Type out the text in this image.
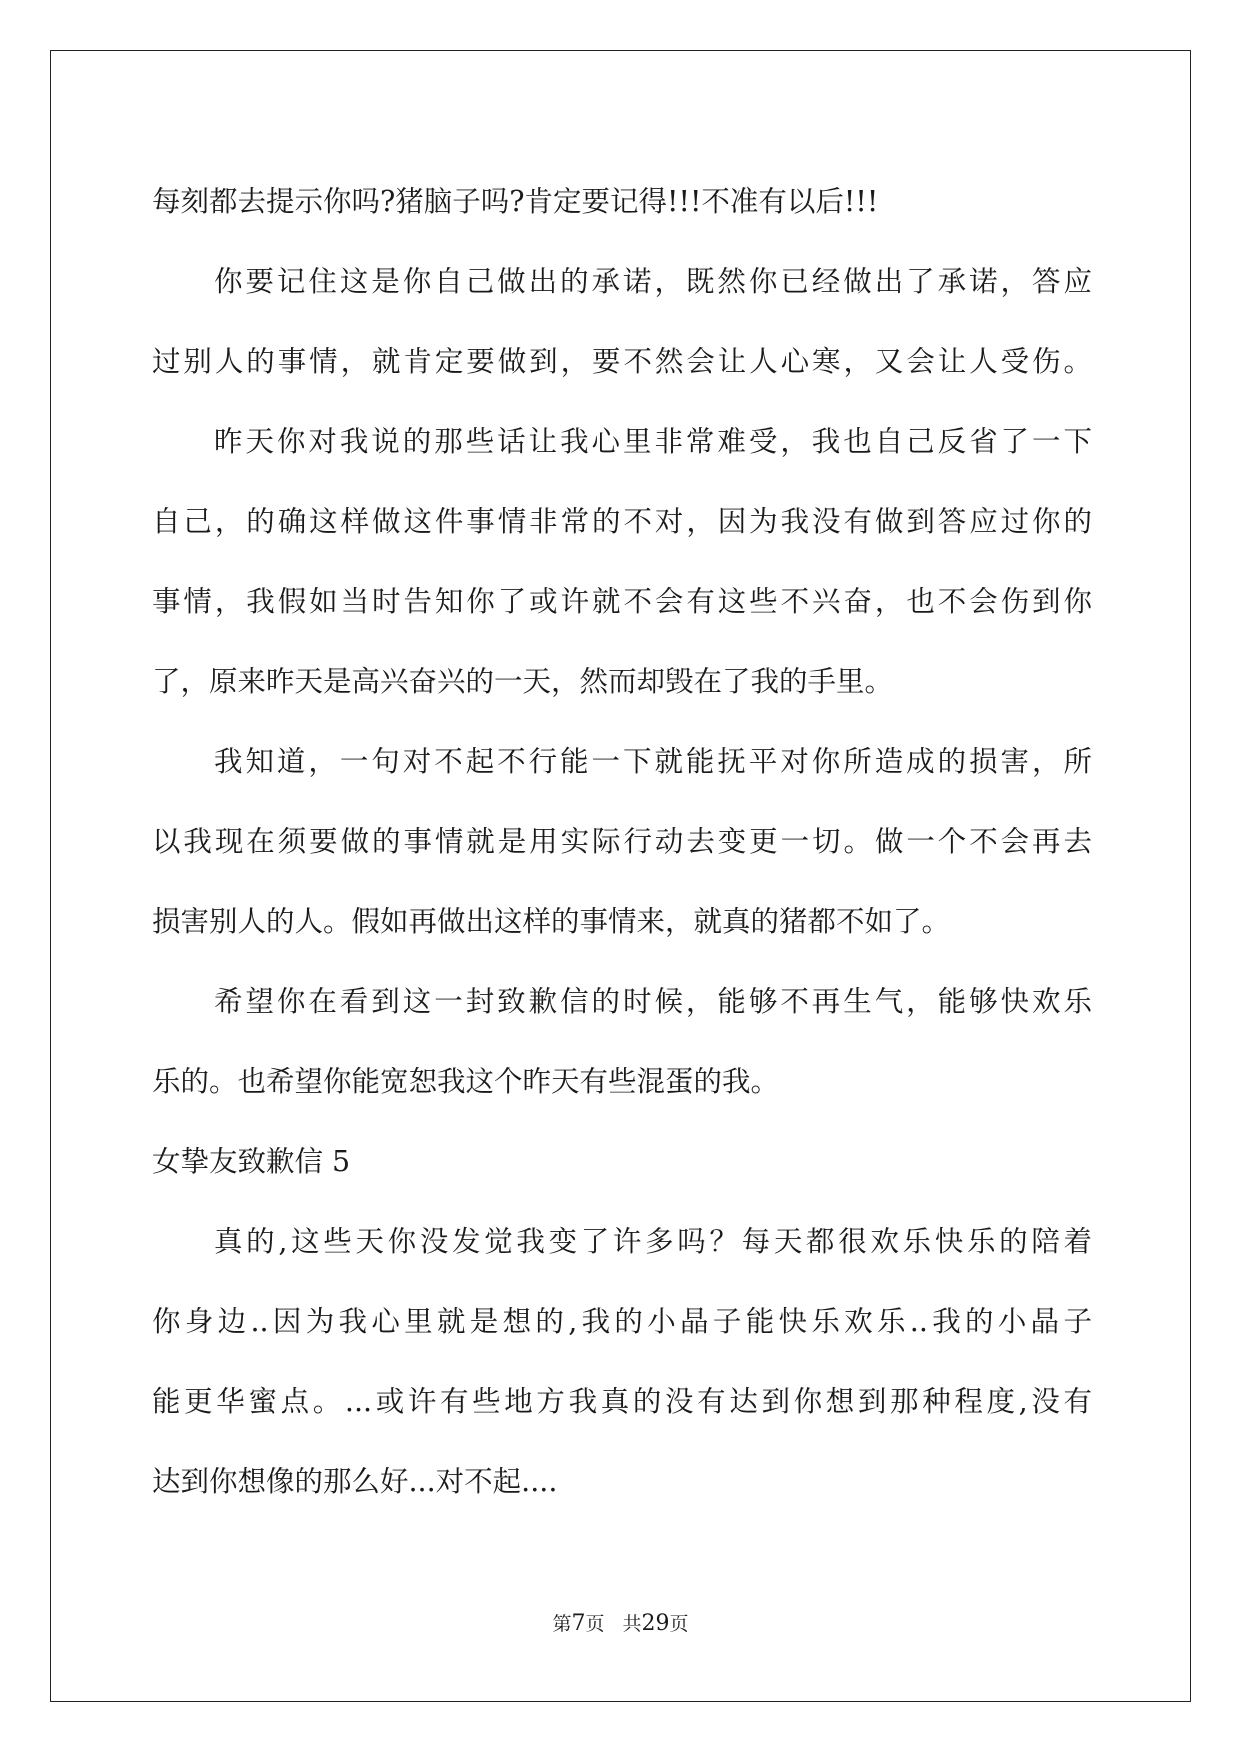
每刻都去提示你吗?猪脑子吗?肯定要记得!!!不准有以后!!!
你要记住这是你自己做出的承诺，既然你已经做出了承诺，答应
过别人的事情，就肯定要做到，要不然会让人心寒，又会让人受伤。
昨天你对我说的那些话让我心里非常难受，我也自己反省了一下
自己，的确这样做这件事情非常的不对，因为我没有做到答应过你的
事情，我假如当时告知你了或许就不会有这些不兴奋，也不会伤到你
了，原来昨天是高兴奋兴的一天，然而却毁在了我的手里。
我知道，一句对不起不行能一下就能抚平对你所造成的损害，所
以我现在须要做的事情就是用实际行动去变更一切。做一个不会再去
损害别人的人。假如再做出这样的事情来，就真的猪都不如了。
希望你在看到这一封致歉信的时候，能够不再生气，能够快欢乐
乐的。也希望你能宽恕我这个昨天有些混蛋的我。
女挚友致歉信 5
真的,这些天你没发觉我变了许多吗？每天都很欢乐快乐的陪着
你身边..因为我心里就是想的,我的小晶子能快乐欢乐..我的小晶子
能更华蜜点。...或许有些地方我真的没有达到你想到那种程度,没有
达到你想像的那么好...对不起....
第7页 共29页
